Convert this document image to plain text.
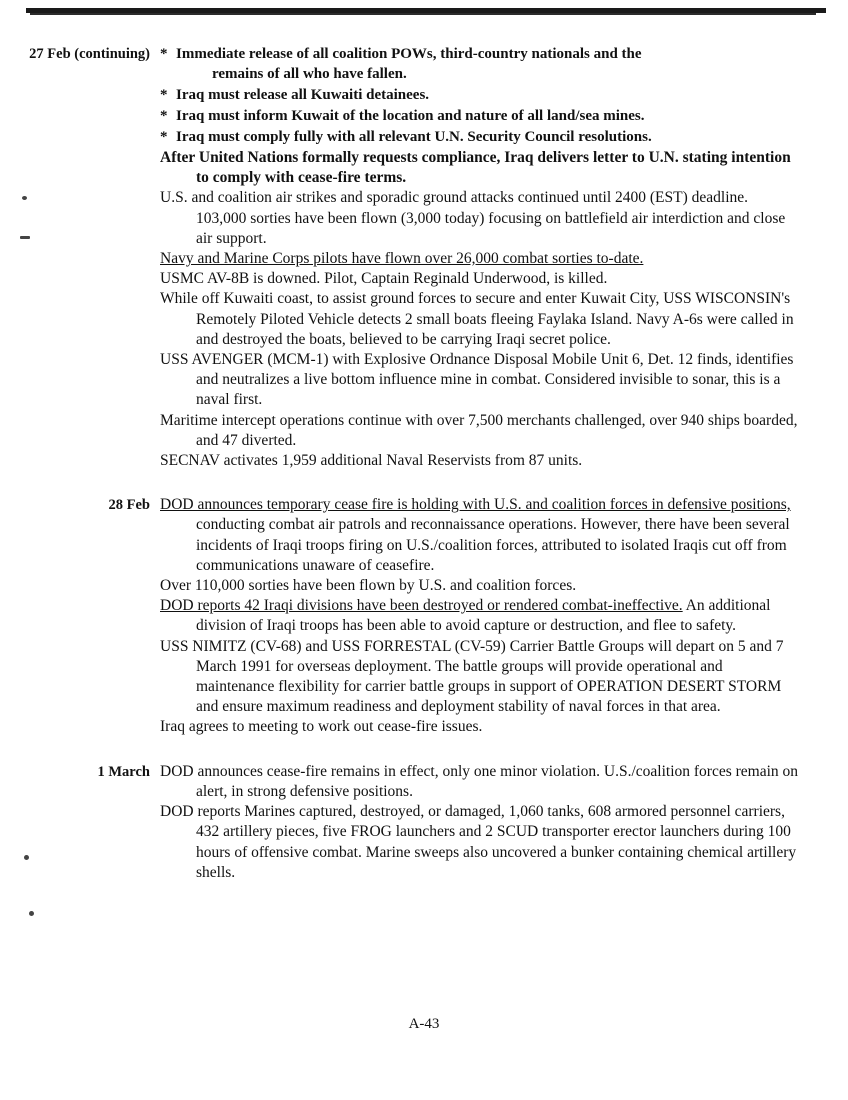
27 Feb (continuing) * Immediate release of all coalition POWs, third-country nationals and the
remains of all who have fallen.
* Iraq must release all Kuwaiti detainees.
* Iraq must inform Kuwait of the location and nature of all land/sea mines.
* Iraq must comply fully with all relevant U.N. Security Council resolutions.
After United Nations formally requests compliance, Iraq delivers letter to U.N. stating intention to comply with cease-fire terms.
U.S. and coalition air strikes and sporadic ground attacks continued until 2400 (EST) deadline. 103,000 sorties have been flown (3,000 today) focusing on battlefield air interdiction and close air support.
Navy and Marine Corps pilots have flown over 26,000 combat sorties to-date.
USMC AV-8B is downed. Pilot, Captain Reginald Underwood, is killed.
While off Kuwaiti coast, to assist ground forces to secure and enter Kuwait City, USS WISCONSIN's Remotely Piloted Vehicle detects 2 small boats fleeing Faylaka Island. Navy A-6s were called in and destroyed the boats, believed to be carrying Iraqi secret police.
USS AVENGER (MCM-1) with Explosive Ordnance Disposal Mobile Unit 6, Det. 12 finds, identifies and neutralizes a live bottom influence mine in combat. Considered invisible to sonar, this is a naval first.
Maritime intercept operations continue with over 7,500 merchants challenged, over 940 ships boarded, and 47 diverted.
SECNAV activates 1,959 additional Naval Reservists from 87 units.
28 Feb DOD announces temporary cease fire is holding with U.S. and coalition forces in defensive positions, conducting combat air patrols and reconnaissance operations. However, there have been several incidents of Iraqi troops firing on U.S./coalition forces, attributed to isolated Iraqis cut off from communications unaware of ceasefire.
Over 110,000 sorties have been flown by U.S. and coalition forces.
DOD reports 42 Iraqi divisions have been destroyed or rendered combat-ineffective. An additional division of Iraqi troops has been able to avoid capture or destruction, and flee to safety.
USS NIMITZ (CV-68) and USS FORRESTAL (CV-59) Carrier Battle Groups will depart on 5 and 7 March 1991 for overseas deployment. The battle groups will provide operational and maintenance flexibility for carrier battle groups in support of OPERATION DESERT STORM and ensure maximum readiness and deployment stability of naval forces in that area.
Iraq agrees to meeting to work out cease-fire issues.
1 March DOD announces cease-fire remains in effect, only one minor violation. U.S./coalition forces remain on alert, in strong defensive positions.
DOD reports Marines captured, destroyed, or damaged, 1,060 tanks, 608 armored personnel carriers, 432 artillery pieces, five FROG launchers and 2 SCUD transporter erector launchers during 100 hours of offensive combat. Marine sweeps also uncovered a bunker containing chemical artillery shells.
A-43
